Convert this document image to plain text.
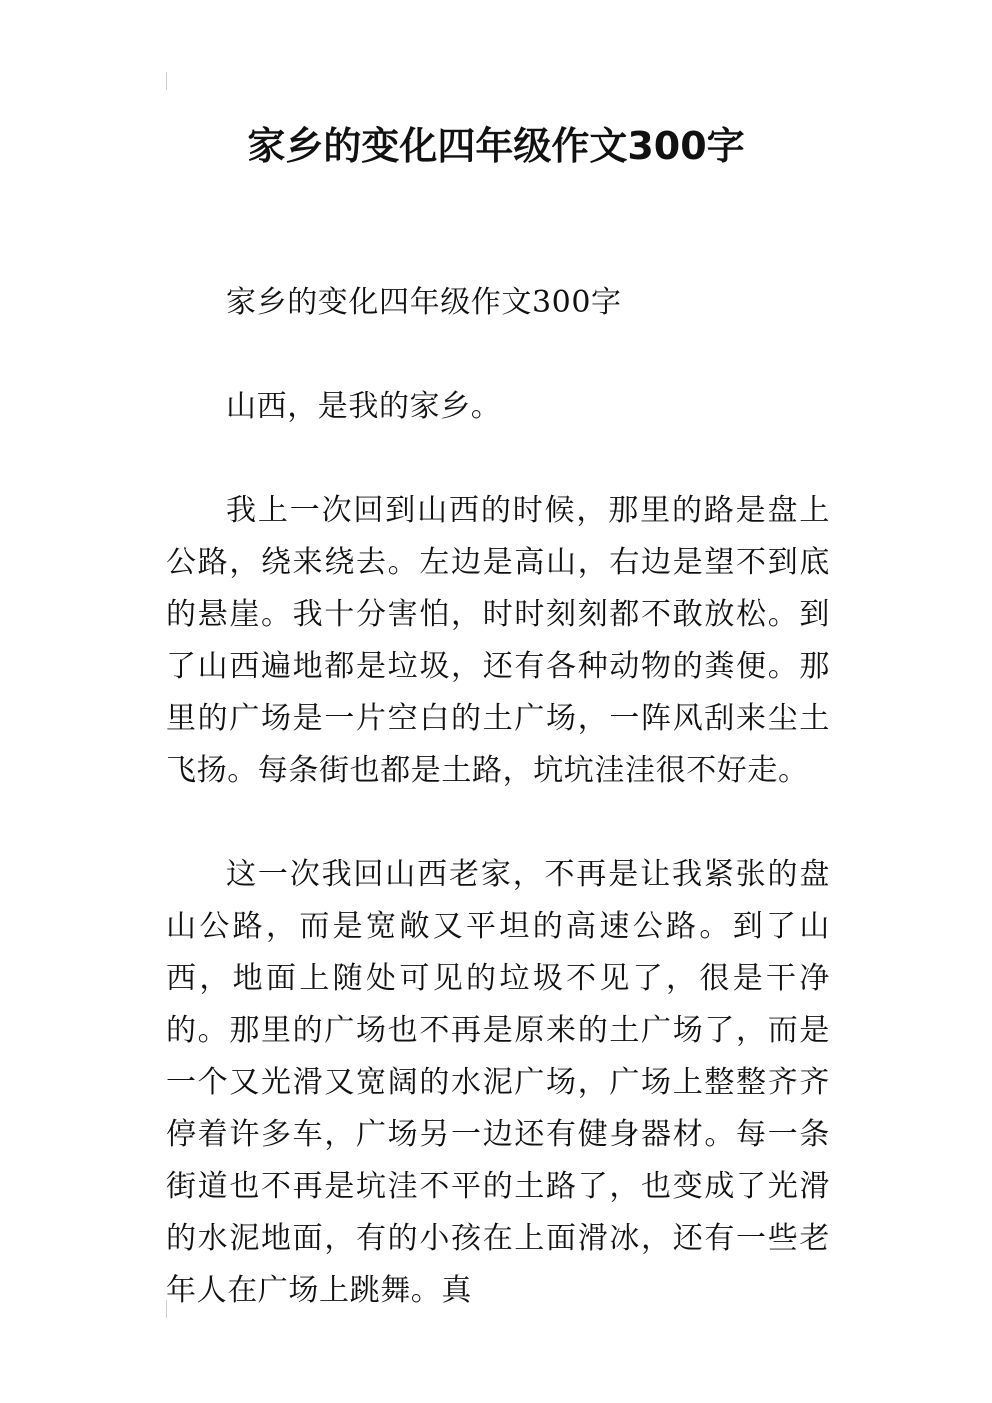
家乡的变化四年级作文300字

家乡的变化四年级作文300字

山西，是我的家乡。

我上一次回到山西的时候，那里的路是盘上公路，绕来绕去。左边是高山，右边是望不到底的悬崖。我十分害怕，时时刻刻都不敢放松。到了山西遍地都是垃圾，还有各种动物的粪便。那里的广场是一片空白的土广场，一阵风刮来尘土飞扬。每条街也都是土路，坑坑洼洼很不好走。

这一次我回山西老家，不再是让我紧张的盘山公路，而是宽敞又平坦的高速公路。到了山西，地面上随处可见的垃圾不见了，很是干净的。那里的广场也不再是原来的土广场了，而是一个又光滑又宽阔的水泥广场，广场上整整齐齐停着许多车，广场另一边还有健身器材。每一条街道也不再是坑洼不平的土路了，也变成了光滑的水泥地面，有的小孩在上面滑冰，还有一些老年人在广场上跳舞。真
